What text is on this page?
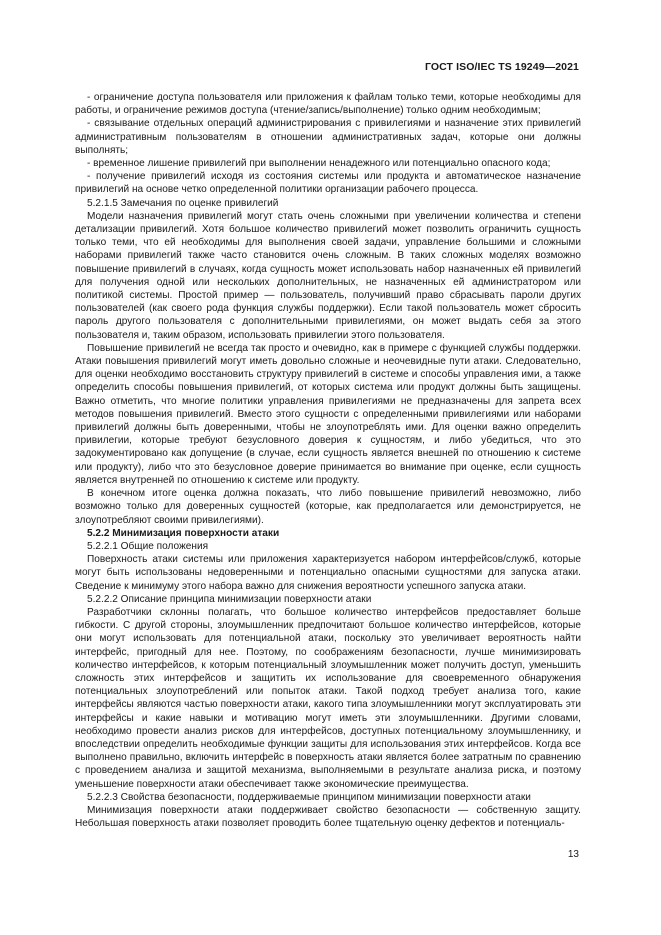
ГОСТ ISO/IEC TS 19249—2021

- ограничение доступа пользователя или приложения к файлам только теми, которые необходимы для работы, и ограничение режимов доступа (чтение/запись/выполнение) только одним необходимым;

- связывание отдельных операций администрирования с привилегиями и назначение этих привилегий административным пользователям в отношении административных задач, которые они должны выполнять;

- временное лишение привилегий при выполнении ненадежного или потенциально опасного кода;

- получение привилегий исходя из состояния системы или продукта и автоматическое назначение привилегий на основе четко определенной политики организации рабочего процесса.

5.2.1.5 Замечания по оценке привилегий

Модели назначения привилегий могут стать очень сложными при увеличении количества и степени детализации привилегий. Хотя большое количество привилегий может позволить ограничить сущность только теми, что ей необходимы для выполнения своей задачи, управление большими и сложными наборами привилегий также часто становится очень сложным. В таких сложных моделях возможно повышение привилегий в случаях, когда сущность может использовать набор назначенных ей привилегий для получения одной или нескольких дополнительных, не назначенных ей администратором или политикой системы. Простой пример — пользователь, получивший право сбрасывать пароли других пользователей (как своего рода функция службы поддержки). Если такой пользователь может сбросить пароль другого пользователя с дополнительными привилегиями, он может выдать себя за этого пользователя и, таким образом, использовать привилегии этого пользователя.

Повышение привилегий не всегда так просто и очевидно, как в примере с функцией службы поддержки. Атаки повышения привилегий могут иметь довольно сложные и неочевидные пути атаки. Следовательно, для оценки необходимо восстановить структуру привилегий в системе и способы управления ими, а также определить способы повышения привилегий, от которых система или продукт должны быть защищены. Важно отметить, что многие политики управления привилегиями не предназначены для запрета всех методов повышения привилегий. Вместо этого сущности с определенными привилегиями или наборами привилегий должны быть доверенными, чтобы не злоупотреблять ими. Для оценки важно определить привилегии, которые требуют безусловного доверия к сущностям, и либо убедиться, что это задокументировано как допущение (в случае, если сущность является внешней по отношению к системе или продукту), либо что это безусловное доверие принимается во внимание при оценке, если сущность является внутренней по отношению к системе или продукту.

В конечном итоге оценка должна показать, что либо повышение привилегий невозможно, либо возможно только для доверенных сущностей (которые, как предполагается или демонстрируется, не злоупотребляют своими привилегиями).

5.2.2 Минимизация поверхности атаки

5.2.2.1 Общие положения

Поверхность атаки системы или приложения характеризуется набором интерфейсов/служб, которые могут быть использованы недоверенными и потенциально опасными сущностями для запуска атаки. Сведение к минимуму этого набора важно для снижения вероятности успешного запуска атаки.

5.2.2.2 Описание принципа минимизации поверхности атаки

Разработчики склонны полагать, что большое количество интерфейсов предоставляет больше гибкости. С другой стороны, злоумышленник предпочитают большое количество интерфейсов, которые они могут использовать для потенциальной атаки, поскольку это увеличивает вероятность найти интерфейс, пригодный для нее. Поэтому, по соображениям безопасности, лучше минимизировать количество интерфейсов, к которым потенциальный злоумышленник может получить доступ, уменьшить сложность этих интерфейсов и защитить их использование для своевременного обнаружения потенциальных злоупотреблений или попыток атаки. Такой подход требует анализа того, какие интерфейсы являются частью поверхности атаки, какого типа злоумышленники могут эксплуатировать эти интерфейсы и какие навыки и мотивацию могут иметь эти злоумышленники. Другими словами, необходимо провести анализ рисков для интерфейсов, доступных потенциальному злоумышленнику, и впоследствии определить необходимые функции защиты для использования этих интерфейсов. Когда все выполнено правильно, включить интерфейс в поверхность атаки является более затратным по сравнению с проведением анализа и защитой механизма, выполняемыми в результате анализа риска, и поэтому уменьшение поверхности атаки обеспечивает также экономические преимущества.

5.2.2.3 Свойства безопасности, поддерживаемые принципом минимизации поверхности атаки

Минимизация поверхности атаки поддерживает свойство безопасности — собственную защиту. Небольшая поверхность атаки позволяет проводить более тщательную оценку дефектов и потенциаль-

13
